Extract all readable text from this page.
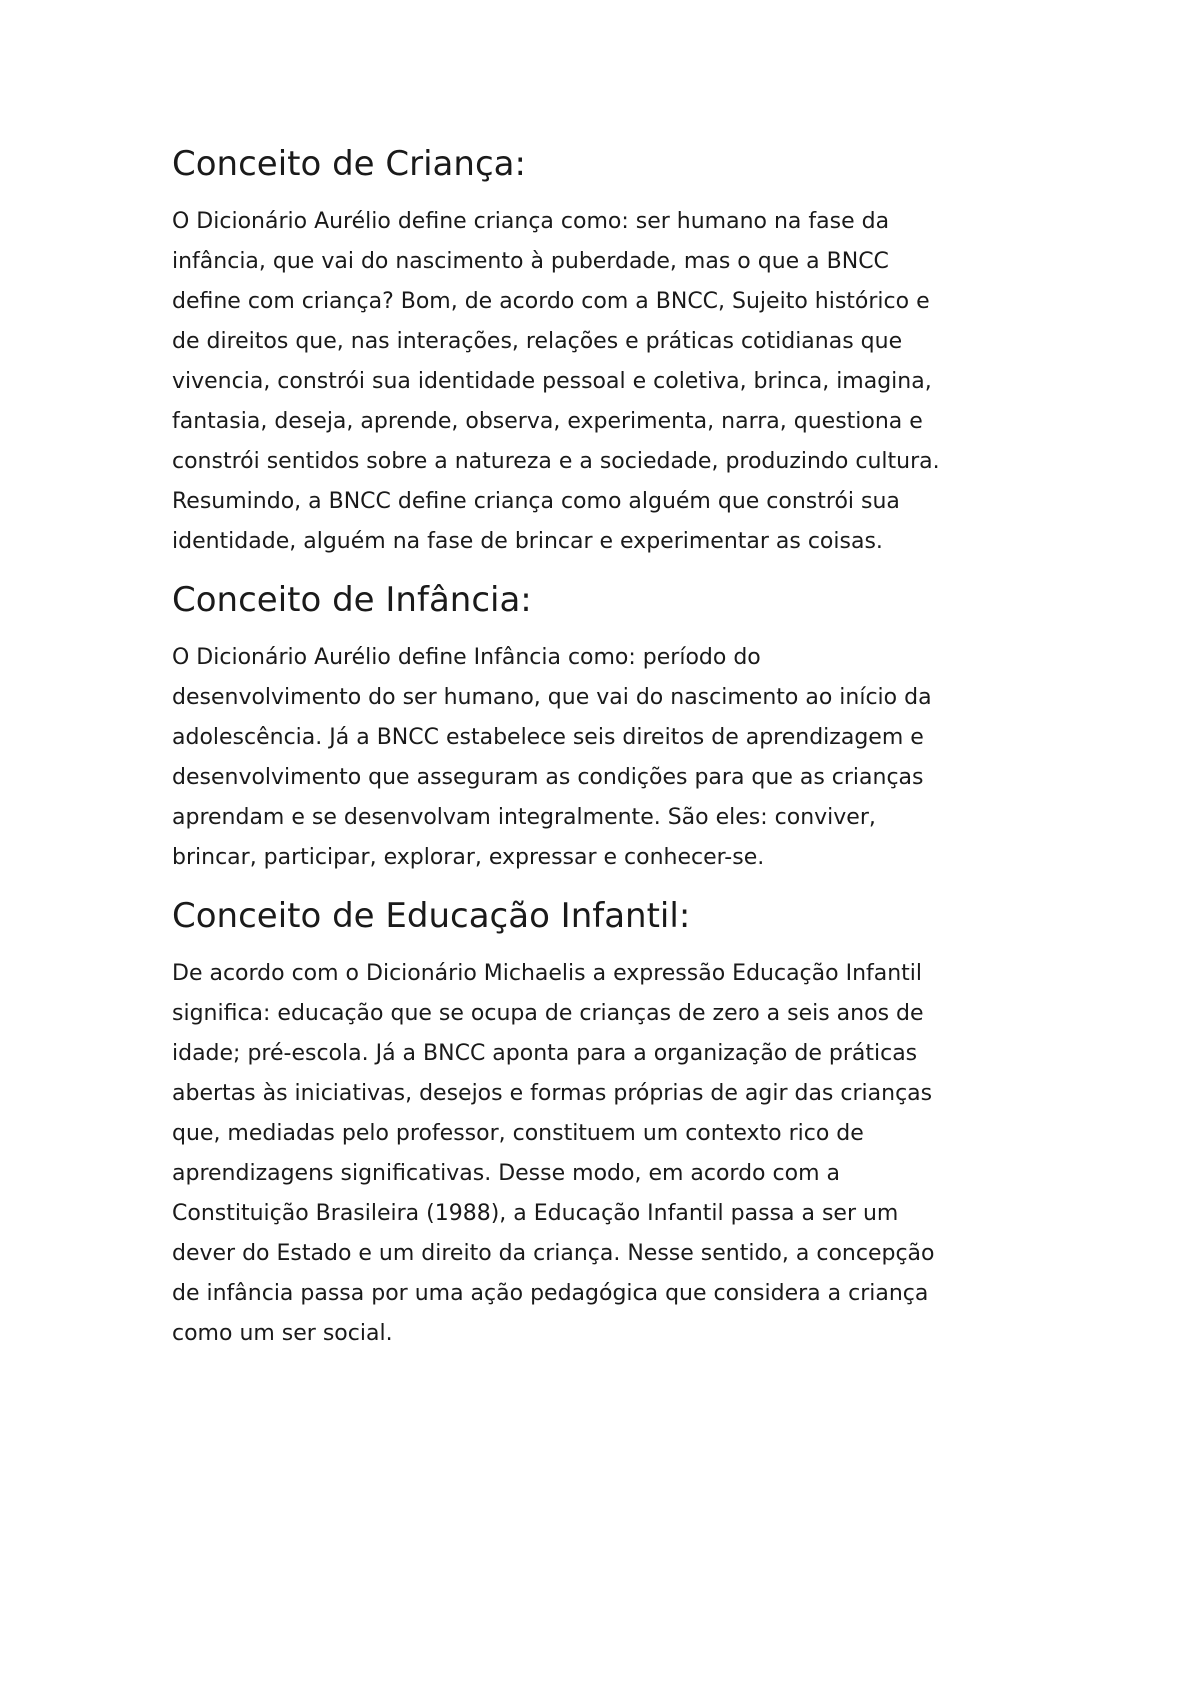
Conceito de Criança:
O Dicionário Aurélio define criança como: ser humano na fase da
infância, que vai do nascimento à puberdade, mas o que a BNCC
define com criança? Bom, de acordo com a BNCC, Sujeito histórico e
de direitos que, nas interações, relações e práticas cotidianas que
vivencia, constrói sua identidade pessoal e coletiva, brinca, imagina,
fantasia, deseja, aprende, observa, experimenta, narra, questiona e
constrói sentidos sobre a natureza e a sociedade, produzindo cultura.
Resumindo, a BNCC define criança como alguém que constrói sua
identidade, alguém na fase de brincar e experimentar as coisas.
Conceito de Infância:
O Dicionário Aurélio define Infância como: período do
desenvolvimento do ser humano, que vai do nascimento ao início da
adolescência. Já a BNCC estabelece seis direitos de aprendizagem e
desenvolvimento que asseguram as condições para que as crianças
aprendam e se desenvolvam integralmente. São eles: conviver,
brincar, participar, explorar, expressar e conhecer-se.
Conceito de Educação Infantil:
De acordo com o Dicionário Michaelis a expressão Educação Infantil
significa: educação que se ocupa de crianças de zero a seis anos de
idade; pré-escola. Já a BNCC aponta para a organização de práticas
abertas às iniciativas, desejos e formas próprias de agir das crianças
que, mediadas pelo professor, constituem um contexto rico de
aprendizagens significativas. Desse modo, em acordo com a
Constituição Brasileira (1988), a Educação Infantil passa a ser um
dever do Estado e um direito da criança. Nesse sentido, a concepção
de infância passa por uma ação pedagógica que considera a criança
como um ser social.
